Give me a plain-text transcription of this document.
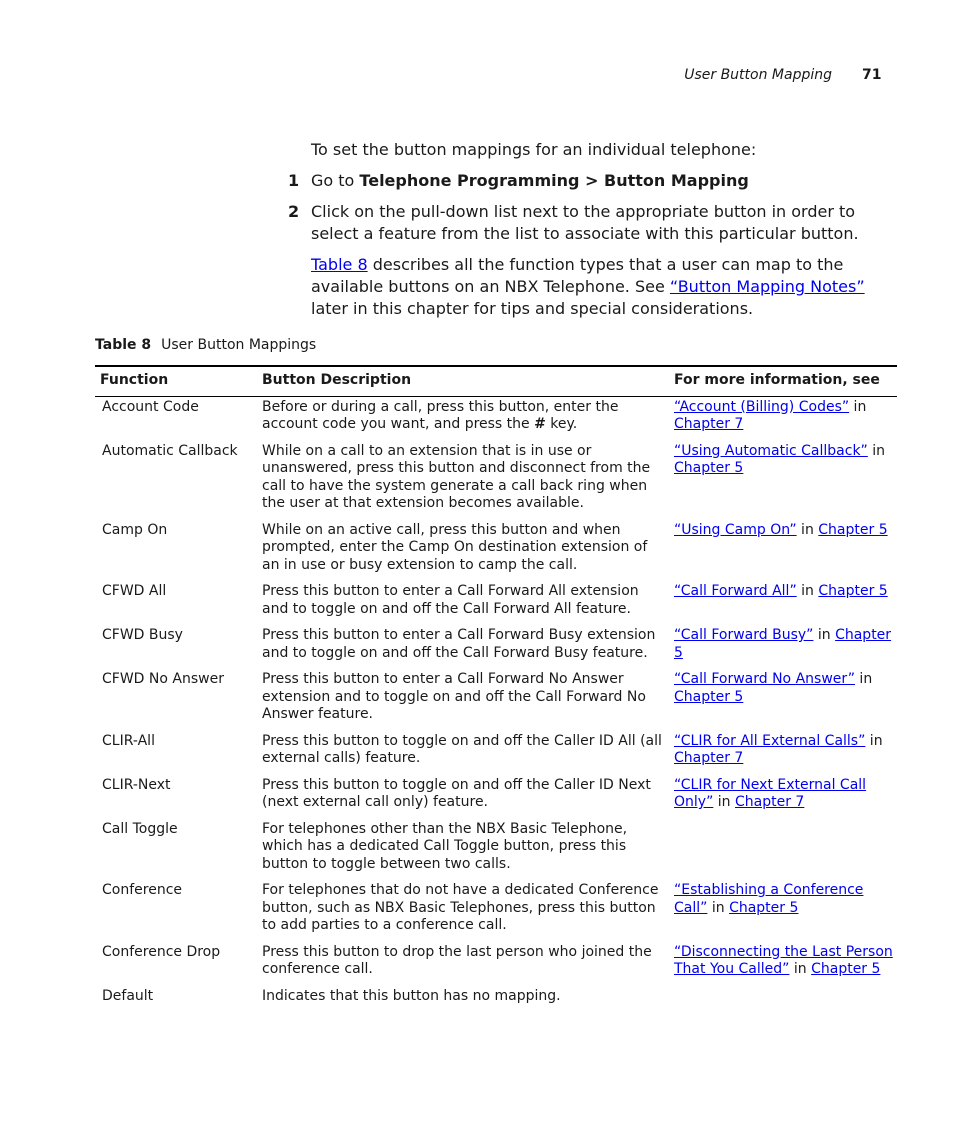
User Button Mapping 71
To set the button mappings for an individual telephone:
1 Go to Telephone Programming > Button Mapping
2 Click on the pull-down list next to the appropriate button in order to select a feature from the list to associate with this particular button.
Table 8 describes all the function types that a user can map to the available buttons on an NBX Telephone. See “Button Mapping Notes” later in this chapter for tips and special considerations.
Table 8 User Button Mappings
Function	Button Description	For more information, see
Account Code	Before or during a call, press this button, enter the account code you want, and press the # key.	“Account (Billing) Codes” in Chapter 7
Automatic Callback	While on a call to an extension that is in use or unanswered, press this button and disconnect from the call to have the system generate a call back ring when the user at that extension becomes available.	“Using Automatic Callback” in Chapter 5
Camp On	While on an active call, press this button and when prompted, enter the Camp On destination extension of an in use or busy extension to camp the call.	“Using Camp On” in Chapter 5
CFWD All	Press this button to enter a Call Forward All extension and to toggle on and off the Call Forward All feature.	“Call Forward All” in Chapter 5
CFWD Busy	Press this button to enter a Call Forward Busy extension and to toggle on and off the Call Forward Busy feature.	“Call Forward Busy” in Chapter 5
CFWD No Answer	Press this button to enter a Call Forward No Answer extension and to toggle on and off the Call Forward No Answer feature.	“Call Forward No Answer” in Chapter 5
CLIR-All	Press this button to toggle on and off the Caller ID All (all external calls) feature.	“CLIR for All External Calls” in Chapter 7
CLIR-Next	Press this button to toggle on and off the Caller ID Next (next external call only) feature.	“CLIR for Next External Call Only” in Chapter 7
Call Toggle	For telephones other than the NBX Basic Telephone, which has a dedicated Call Toggle button, press this button to toggle between two calls.	
Conference	For telephones that do not have a dedicated Conference button, such as NBX Basic Telephones, press this button to add parties to a conference call.	“Establishing a Conference Call” in Chapter 5
Conference Drop	Press this button to drop the last person who joined the conference call.	“Disconnecting the Last Person That You Called” in Chapter 5
Default	Indicates that this button has no mapping.	
